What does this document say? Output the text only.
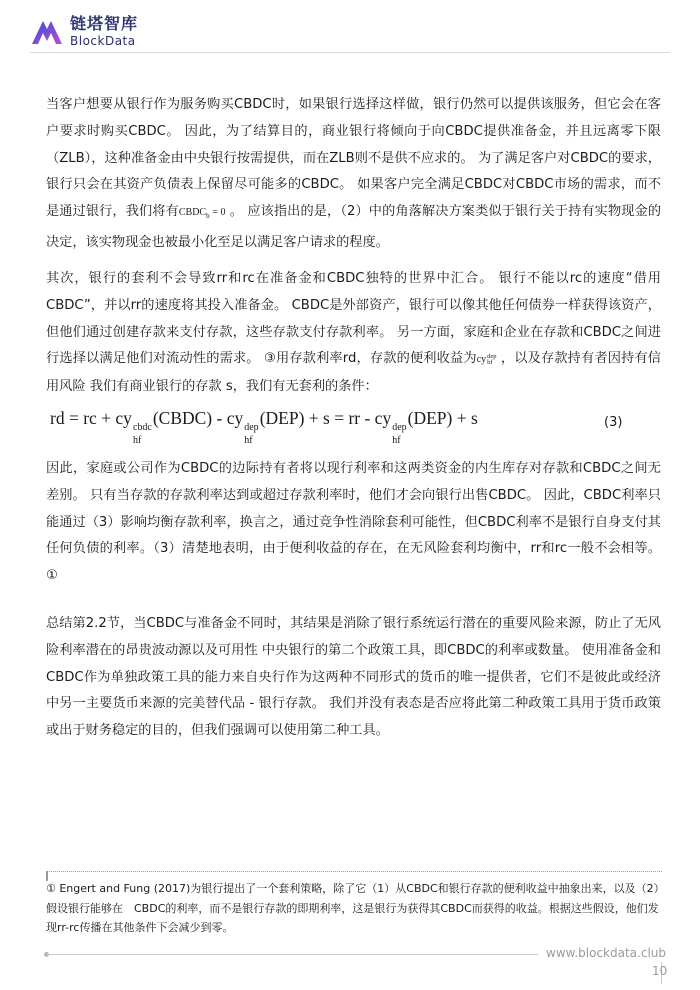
链塔智库
BlockData

当客户想要从银行作为服务购买CBDC时，如果银行选择这样做，银行仍然可以提供该服务，但它会在客户要求时购买CBDC。 因此，为了结算目的，商业银行将倾向于向CBDC提供准备金，并且远离零下限（ZLB），这种准备金由中央银行按需提供，而在ZLB则不是供不应求的。 为了满足客户对CBDC的要求，银行只会在其资产负债表上保留尽可能多的CBDC。 如果客户完全满足CBDC对CBDC市场的需求，而不是通过银行，我们将有$CBDC_b = 0$ 。 应该指出的是，（2）中的角落解决方案类似于银行关于持有实物现金的决定，该实物现金也被最小化至足以满足客户请求的程度。

其次，银行的套利不会导致rr和rc在准备金和CBDC独特的世界中汇合。 银行不能以rc的速度“借用CBDC”，并以rr的速度将其投入准备金。 CBDC是外部资产，银行可以像其他任何债券一样获得该资产，但他们通过创建存款来支付存款，这些存款支付存款利率。 另一方面，家庭和企业在存款和CBDC之间进行选择以满足他们对流动性的需求。 ③用存款利率rd，存款的便利收益为cy dep
hf ，以及存款持有者因持有信用风险 我们有商业银行的存款 s，我们有无套利的条件：

rd = rc + cy cbdc
hf
(CBDC) - cy dep
hf
(DEP) + s = rr - cy dep
hf
(DEP) + s	(3)

因此，家庭或公司作为CBDC的边际持有者将以现行利率和这两类资金的内生库存对存款和CBDC之间无差别。 只有当存款的存款利率达到或超过存款利率时，他们才会向银行出售CBDC。 因此，CBDC利率只能通过（3）影响均衡存款利率，换言之，通过竞争性消除套利可能性，但CBDC利率不是银行自身支付其任何负债的利率。（3）清楚地表明，由于便利收益的存在，在无风险套利均衡中，rr和rc一般不会相等。 ①

总结第2.2节，当CBDC与准备金不同时，其结果是消除了银行系统运行潜在的重要风险来源，防止了无风险利率潜在的昂贵波动源以及可用性 中央银行的第二个政策工具，即CBDC的利率或数量。 使用准备金和CBDC作为单独政策工具的能力来自央行作为这两种不同形式的货币的唯一提供者，它们不是彼此或经济中另一主要货币来源的完美替代品 - 银行存款。 我们并没有表态是否应将此第二种政策工具用于货币政策或出于财务稳定的目的，但我们强调可以使用第二种工具。

① Engert and Fung (2017)为银行提出了一个套利策略，除了它（1）从CBDC和银行存款的便利收益中抽象出来，以及（2）假设银行能够在　CBDC的利率，而不是银行存款的即期利率，这是银行为获得其CBDC而获得的收益。根据这些假设，他们发现rr-rc传播在其他条件下会减少到零。

www.blockdata.club
10
